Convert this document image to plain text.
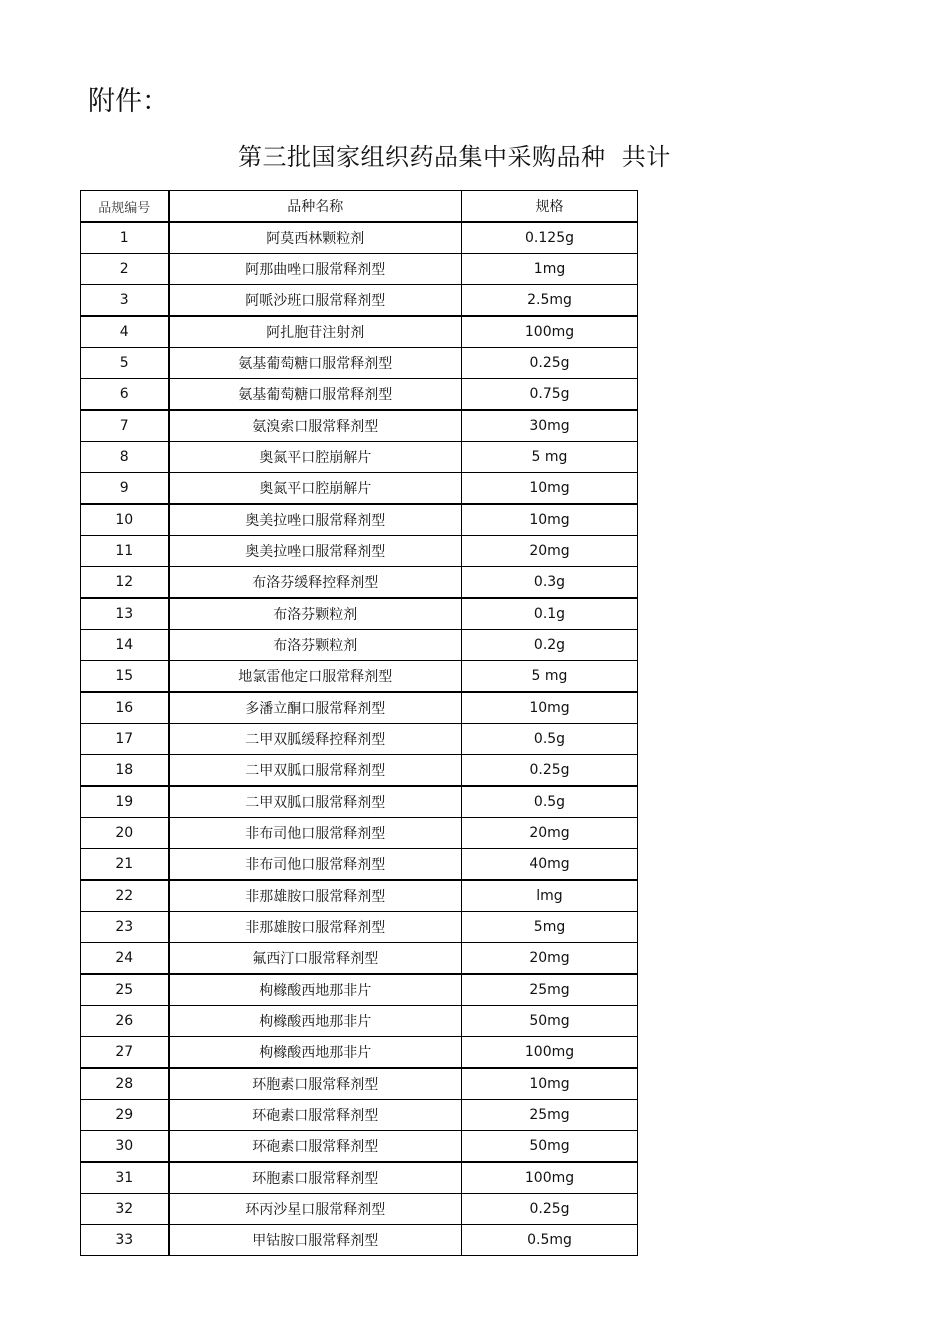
附件：
第三批国家组织药品集中采购品种  共计
品规编号	品种名称	规格
1	阿莫西林颗粒剂	0.125g
2	阿那曲唑口服常释剂型	1mg
3	阿哌沙班口服常释剂型	2.5mg
4	阿扎胞苷注射剂	100mg
5	氨基葡萄糖口服常释剂型	0.25g
6	氨基葡萄糖口服常释剂型	0.75g
7	氨溴索口服常释剂型	30mg
8	奥氮平口腔崩解片	5 mg
9	奥氮平口腔崩解片	10mg
10	奥美拉唑口服常释剂型	10mg
11	奥美拉唑口服常释剂型	20mg
12	布洛芬缓释控释剂型	0.3g
13	布洛芬颗粒剂	0.1g
14	布洛芬颗粒剂	0.2g
15	地氯雷他定口服常释剂型	5 mg
16	多潘立酮口服常释剂型	10mg
17	二甲双胍缓释控释剂型	0.5g
18	二甲双胍口服常释剂型	0.25g
19	二甲双胍口服常释剂型	0.5g
20	非布司他口服常释剂型	20mg
21	非布司他口服常释剂型	40mg
22	非那雄胺口服常释剂型	lmg
23	非那雄胺口服常释剂型	5mg
24	氟西汀口服常释剂型	20mg
25	枸橼酸西地那非片	25mg
26	枸橼酸西地那非片	50mg
27	枸橼酸西地那非片	100mg
28	环胞素口服常释剂型	10mg
29	环砲素口服常释剂型	25mg
30	环砲素口服常释剂型	50mg
31	环胞素口服常释剂型	100mg
32	环丙沙星口服常释剂型	0.25g
33	甲钴胺口服常释剂型	0.5mg
